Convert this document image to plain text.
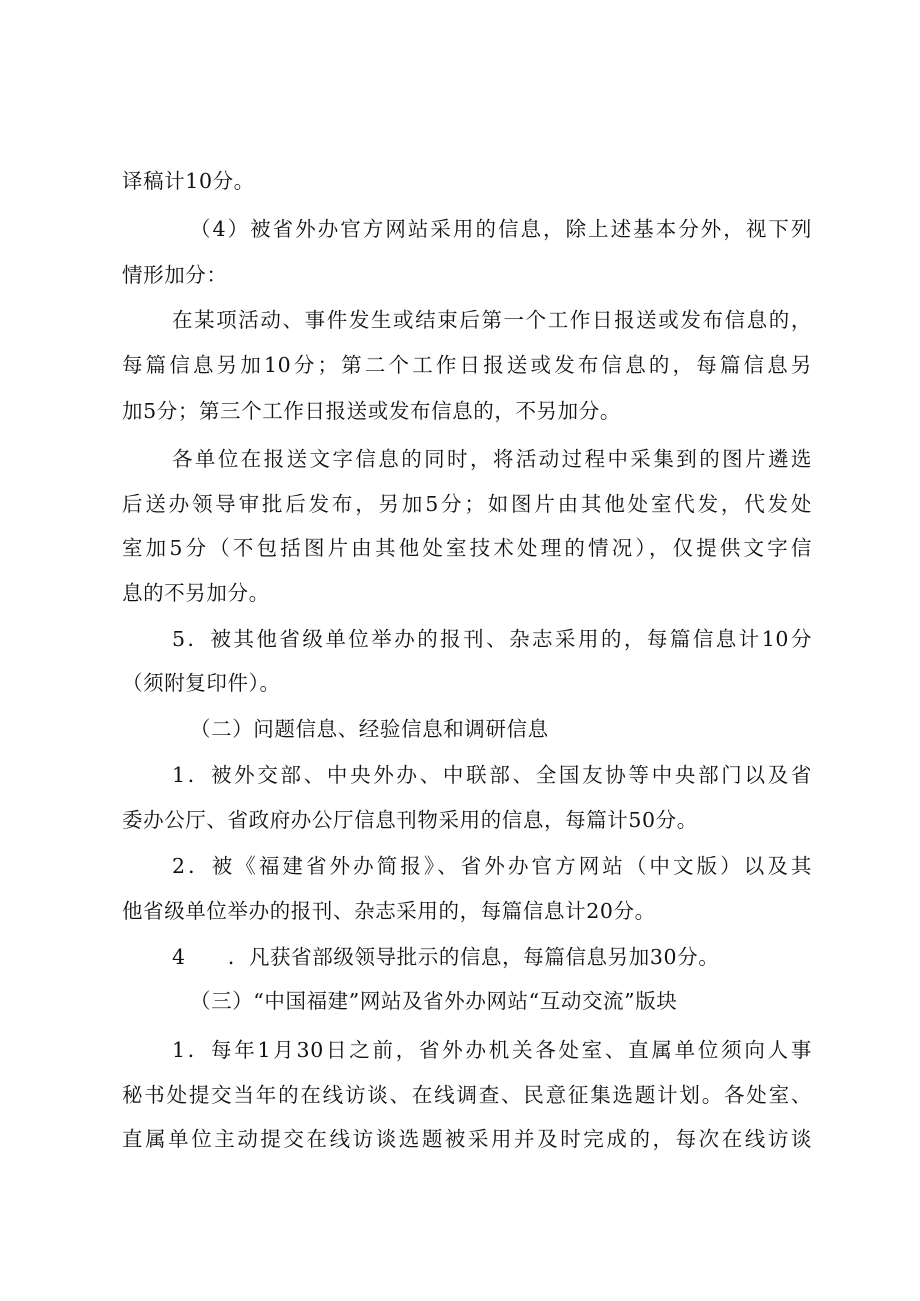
译稿计10分。
（4）被省外办官方网站采用的信息，除上述基本分外，视下列
情形加分：
在某项活动、事件发生或结束后第一个工作日报送或发布信息的，
每篇信息另加10分；第二个工作日报送或发布信息的，每篇信息另
加5分；第三个工作日报送或发布信息的，不另加分。
各单位在报送文字信息的同时，将活动过程中采集到的图片遴选
后送办领导审批后发布，另加5分；如图片由其他处室代发，代发处
室加5分（不包括图片由其他处室技术处理的情况），仅提供文字信
息的不另加分。
5．被其他省级单位举办的报刊、杂志采用的，每篇信息计10分
（须附复印件）。
（二）问题信息、经验信息和调研信息
1．被外交部、中央外办、中联部、全国友协等中央部门以及省
委办公厅、省政府办公厅信息刊物采用的信息，每篇计50分。
2．被《福建省外办简报》、省外办官方网站（中文版）以及其
他省级单位举办的报刊、杂志采用的，每篇信息计20分。
4　　．凡获省部级领导批示的信息，每篇信息另加30分。
（三）“中国福建”网站及省外办网站“互动交流”版块
1．每年1月30日之前，省外办机关各处室、直属单位须向人事
秘书处提交当年的在线访谈、在线调查、民意征集选题计划。各处室、
直属单位主动提交在线访谈选题被采用并及时完成的，每次在线访谈
